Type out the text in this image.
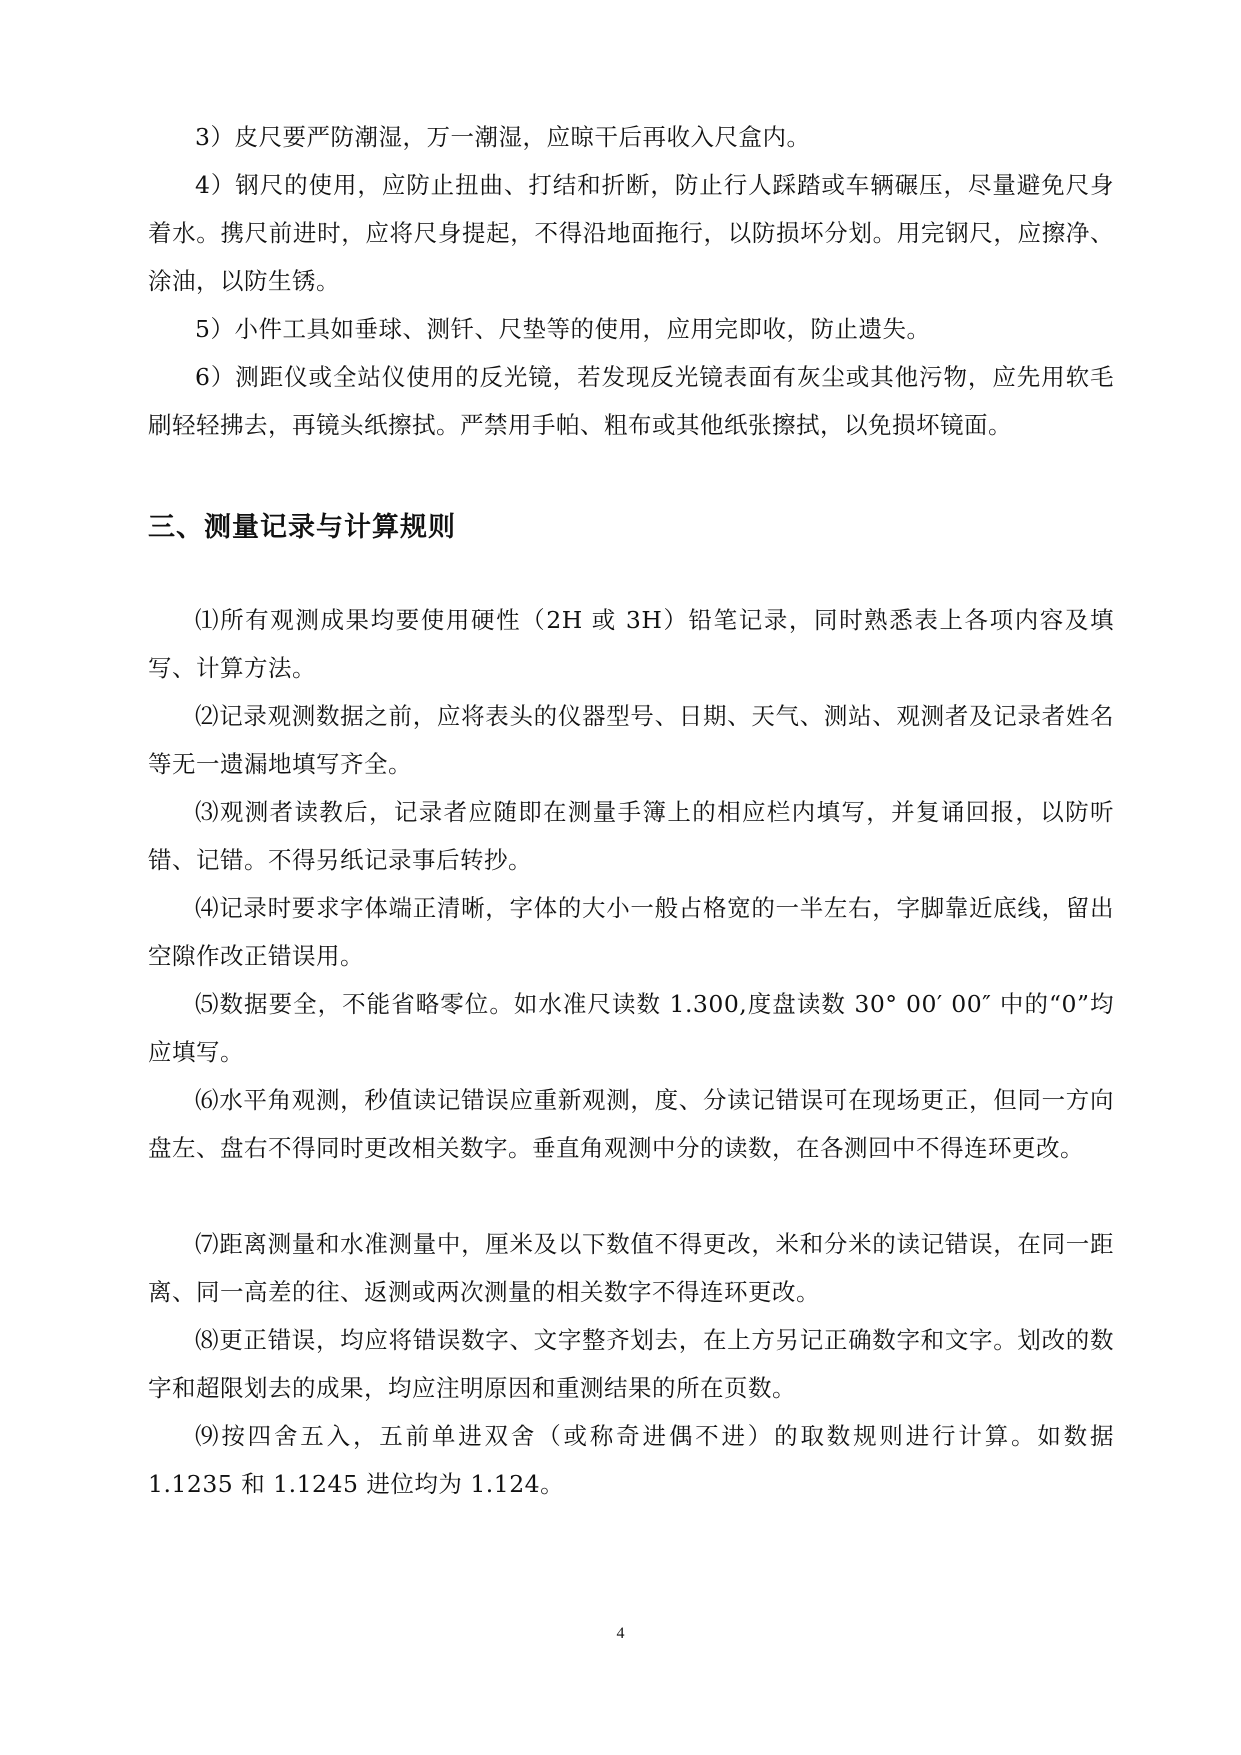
3）皮尺要严防潮湿，万一潮湿，应晾干后再收入尺盒内。

4）钢尺的使用，应防止扭曲、打结和折断，防止行人踩踏或车辆碾压，尽量避免尺身着水。携尺前进时，应将尺身提起，不得沿地面拖行，以防损坏分划。用完钢尺，应擦净、涂油，以防生锈。

5）小件工具如垂球、测钎、尺垫等的使用，应用完即收，防止遗失。

6）测距仪或全站仪使用的反光镜，若发现反光镜表面有灰尘或其他污物，应先用软毛刷轻轻拂去，再镜头纸擦拭。严禁用手帕、粗布或其他纸张擦拭，以免损坏镜面。

三、测量记录与计算规则

⑴所有观测成果均要使用硬性（2H 或 3H）铅笔记录，同时熟悉表上各项内容及填写、计算方法。

⑵记录观测数据之前，应将表头的仪器型号、日期、天气、测站、观测者及记录者姓名等无一遗漏地填写齐全。

⑶观测者读教后，记录者应随即在测量手簿上的相应栏内填写，并复诵回报，以防听错、记错。不得另纸记录事后转抄。

⑷记录时要求字体端正清晰，字体的大小一般占格宽的一半左右，字脚靠近底线，留出空隙作改正错误用。

⑸数据要全，不能省略零位。如水准尺读数 1.300,度盘读数 30° 00′ 00″ 中的“0”均应填写。

⑹水平角观测，秒值读记错误应重新观测，度、分读记错误可在现场更正，但同一方向盘左、盘右不得同时更改相关数字。垂直角观测中分的读数，在各测回中不得连环更改。

⑺距离测量和水准测量中，厘米及以下数值不得更改，米和分米的读记错误，在同一距离、同一高差的往、返测或两次测量的相关数字不得连环更改。

⑻更正错误，均应将错误数字、文字整齐划去，在上方另记正确数字和文字。划改的数字和超限划去的成果，均应注明原因和重测结果的所在页数。

⑼按四舍五入，五前单进双舍（或称奇进偶不进）的取数规则进行计算。如数据 1.1235 和 1.1245 进位均为 1.124。

4
